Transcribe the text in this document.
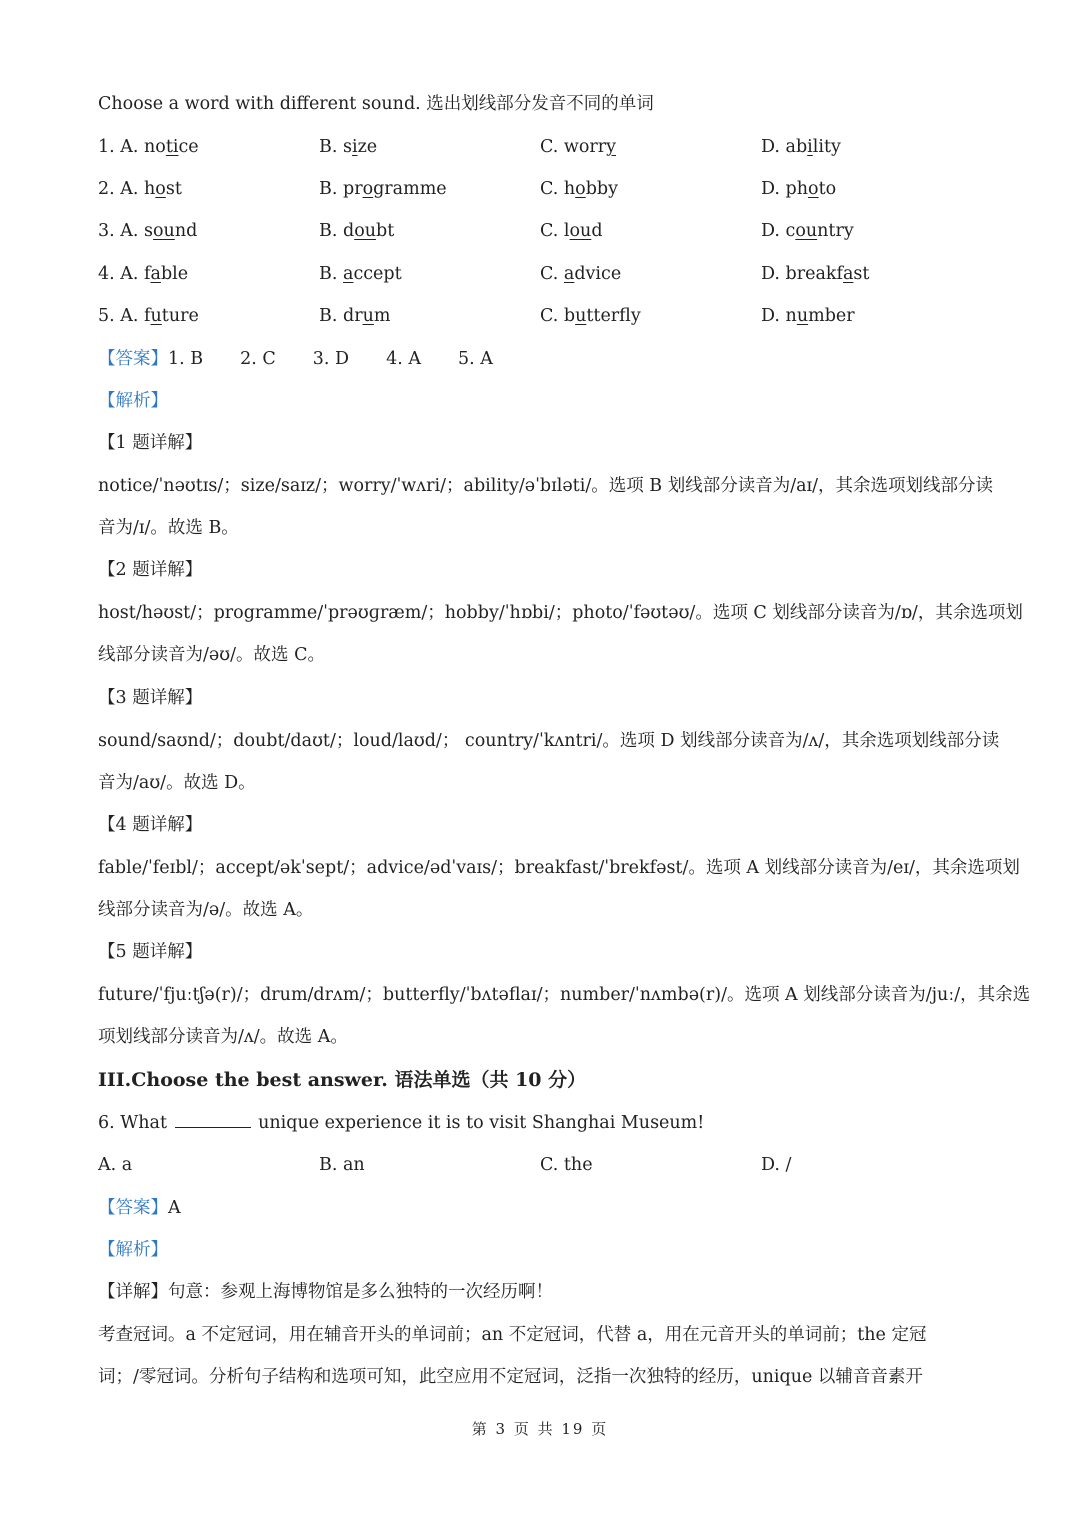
Choose a word with different sound. 选出划线部分发音不同的单词
1. A. notice	B. size	C. worry	D. ability
2. A. host	B. programme	C. hobby	D. photo
3. A. sound	B. doubt	C. loud	D. country
4. A. fable	B. accept	C. advice	D. breakfast
5. A. future	B. drum	C. butterfly	D. number
【答案】1. B 2. C 3. D 4. A 5. A
【解析】
【1 题详解】
notice/ˈnəʊtɪs/；size/saɪz/；worry/ˈwʌri/；ability/əˈbɪləti/。选项 B 划线部分读音为/aɪ/，其余选项划线部分读
音为/ɪ/。故选 B。
【2 题详解】
host/həʊst/；programme/ˈprəʊɡræm/；hobby/ˈhɒbi/；photo/ˈfəʊtəʊ/。选项 C 划线部分读音为/ɒ/，其余选项划
线部分读音为/əʊ/。故选 C。
【3 题详解】
sound/saʊnd/；doubt/daʊt/；loud/laʊd/； country/ˈkʌntri/。选项 D 划线部分读音为/ʌ/，其余选项划线部分读
音为/aʊ/。故选 D。
【4 题详解】
fable/ˈfeɪbl/；accept/əkˈsept/；advice/ədˈvaɪs/；breakfast/ˈbrekfəst/。选项 A 划线部分读音为/eɪ/，其余选项划
线部分读音为/ə/。故选 A。
【5 题详解】
future/ˈfjuːtʃə(r)/；drum/drʌm/；butterfly/ˈbʌtəflaɪ/；number/ˈnʌmbə(r)/。选项 A 划线部分读音为/juː/，其余选
项划线部分读音为/ʌ/。故选 A。
III.Choose the best answer. 语法单选（共 10 分）
6. What	unique experience it is to visit Shanghai Museum!
A. a	B. an	C. the	D. /
【答案】A
【解析】
【详解】句意：参观上海博物馆是多么独特的一次经历啊！
考查冠词。a 不定冠词，用在辅音开头的单词前；an 不定冠词，代替 a，用在元音开头的单词前；the 定冠
词；/零冠词。分析句子结构和选项可知，此空应用不定冠词，泛指一次独特的经历，unique 以辅音音素开
第 3 页 共 19 页
